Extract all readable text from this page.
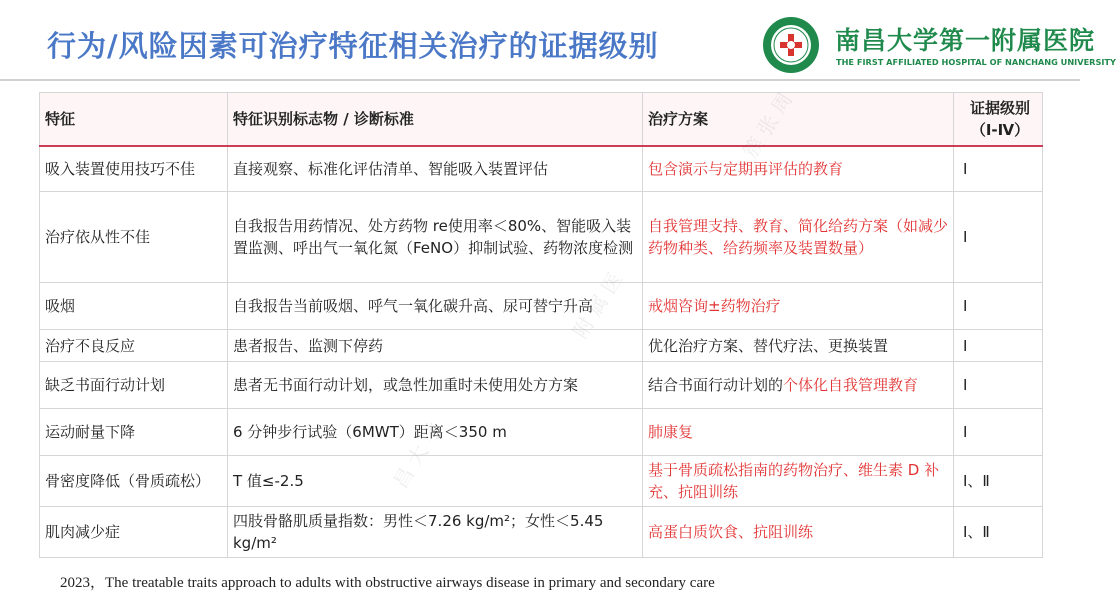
行为/风险因素可治疗特征相关治疗的证据级别	南昌大学第一附属医院
THE FIRST AFFILIATED HOSPITAL OF NANCHANG UNIVERSITY
特征	特征识别标志物 / 诊断标准	治疗方案	证据级别（Ⅰ-Ⅳ）
吸入装置使用技巧不佳	直接观察、标准化评估清单、智能吸入装置评估	包含演示与定期再评估的教育	Ⅰ
治疗依从性不佳	自我报告用药情况、处方药物 re使用率＜80%、智能吸入装置监测、呼出气一氧化氮（FeNO）抑制试验、药物浓度检测	自我管理支持、教育、简化给药方案（如减少药物种类、给药频率及装置数量）	Ⅰ
吸烟	自我报告当前吸烟、呼气一氧化碳升高、尿可替宁升高	戒烟咨询±药物治疗	Ⅰ
治疗不良反应	患者报告、监测下停药	优化治疗方案、替代疗法、更换装置	Ⅰ
缺乏书面行动计划	患者无书面行动计划，或急性加重时未使用处方方案	结合书面行动计划的个体化自我管理教育	Ⅰ
运动耐量下降	6 分钟步行试验（6MWT）距离＜350 m	肺康复	Ⅰ
骨密度降低（骨质疏松）	T 值≤-2.5	基于骨质疏松指南的药物治疗、维生素 D 补充、抗阻训练	Ⅰ、Ⅱ
肌肉减少症	四肢骨骼肌质量指数：男性＜7.26 kg/m²；女性＜5.45 kg/m²	高蛋白质饮食、抗阻训练	Ⅰ、Ⅱ
簇 张 周
附 属 医
昌 大 学
2023，The treatable traits approach to adults with obstructive airways disease in primary and secondary care
